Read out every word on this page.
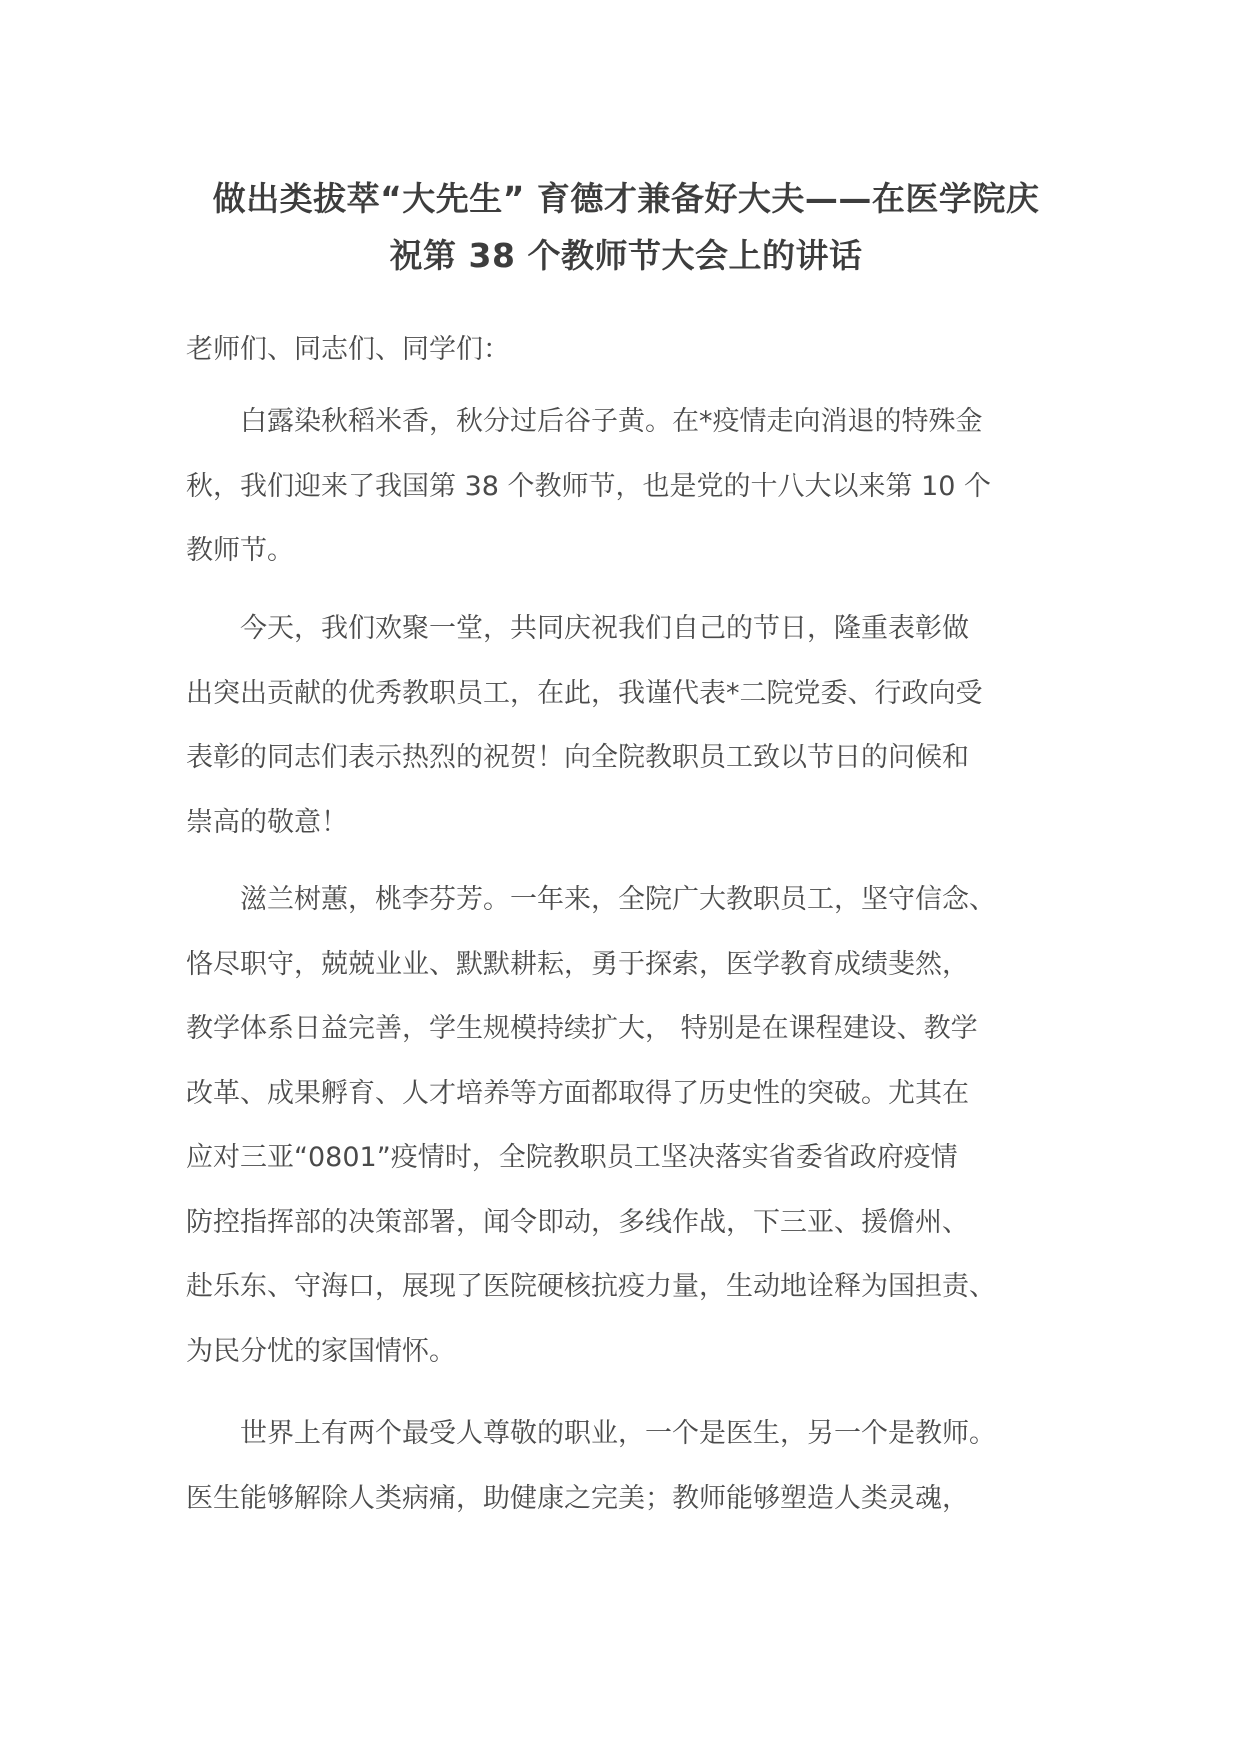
做出类拔萃“大先生” 育德才兼备好大夫——在医学院庆
祝第 38 个教师节大会上的讲话

老师们、同志们、同学们：

白露染秋稻米香，秋分过后谷子黄。在*疫情走向消退的特殊金
秋，我们迎来了我国第 38 个教师节，也是党的十八大以来第 10 个
教师节。

今天，我们欢聚一堂，共同庆祝我们自己的节日，隆重表彰做
出突出贡献的优秀教职员工，在此，我谨代表*二院党委、行政向受
表彰的同志们表示热烈的祝贺！向全院教职员工致以节日的问候和
崇高的敬意！

滋兰树蕙，桃李芬芳。一年来，全院广大教职员工，坚守信念、
恪尽职守，兢兢业业、默默耕耘，勇于探索，医学教育成绩斐然，
教学体系日益完善，学生规模持续扩大， 特别是在课程建设、教学
改革、成果孵育、人才培养等方面都取得了历史性的突破。尤其在
应对三亚“0801”疫情时，全院教职员工坚决落实省委省政府疫情
防控指挥部的决策部署，闻令即动，多线作战，下三亚、援儋州、
赴乐东、守海口，展现了医院硬核抗疫力量，生动地诠释为国担责、
为民分忧的家国情怀。

世界上有两个最受人尊敬的职业，一个是医生，另一个是教师。
医生能够解除人类病痛，助健康之完美；教师能够塑造人类灵魂，
